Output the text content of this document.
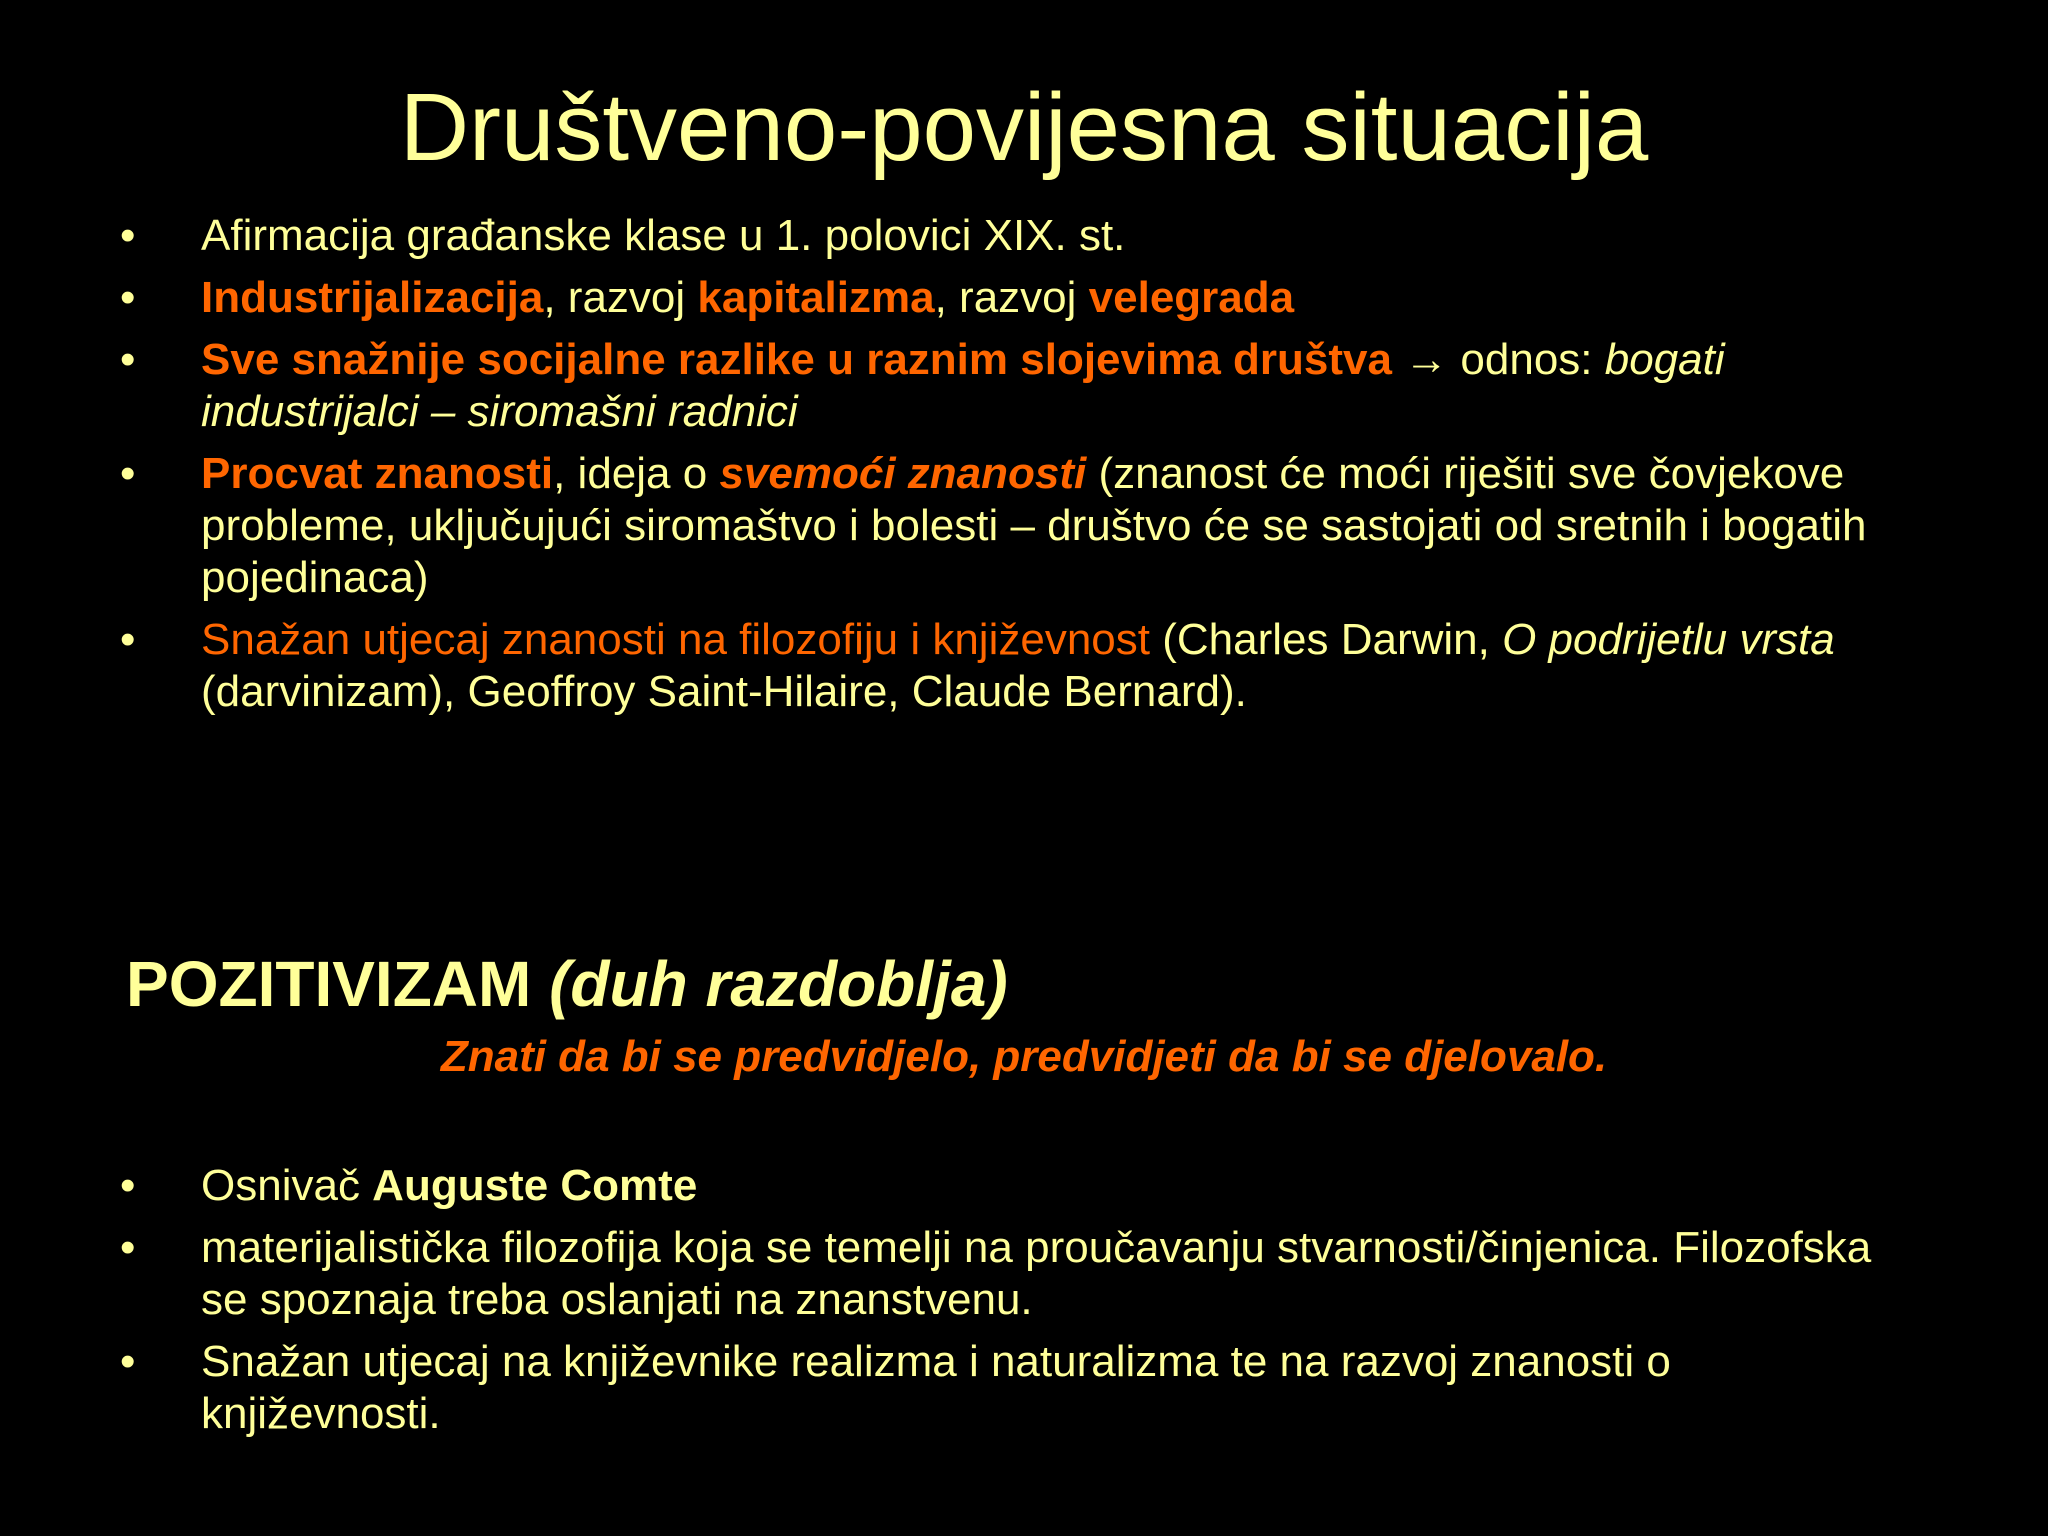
Društveno-povijesna situacija
•	Afirmacija građanske klase u 1. polovici XIX. st.
•	Industrijalizacija, razvoj kapitalizma, razvoj velegrada
•	Sve snažnije socijalne razlike u raznim slojevima društva → odnos: bogati industrijalci – siromašni radnici
•	Procvat znanosti, ideja o svemoći znanosti (znanost će moći riješiti sve čovjekove probleme, uključujući siromaštvo i bolesti – društvo će se sastojati od sretnih i bogatih pojedinaca)
•	Snažan utjecaj znanosti na filozofiju i književnost (Charles Darwin, O podrijetlu vrsta (darvinizam), Geoffroy Saint-Hilaire, Claude Bernard).
POZITIVIZAM (duh razdoblja)
Znati da bi se predvidjelo, predvidjeti da bi se djelovalo.
•	Osnivač Auguste Comte
•	materijalistička filozofija koja se temelji na proučavanju stvarnosti/činjenica. Filozofska se spoznaja treba oslanjati na znanstvenu.
•	Snažan utjecaj na književnike realizma i naturalizma te na razvoj znanosti o književnosti.
